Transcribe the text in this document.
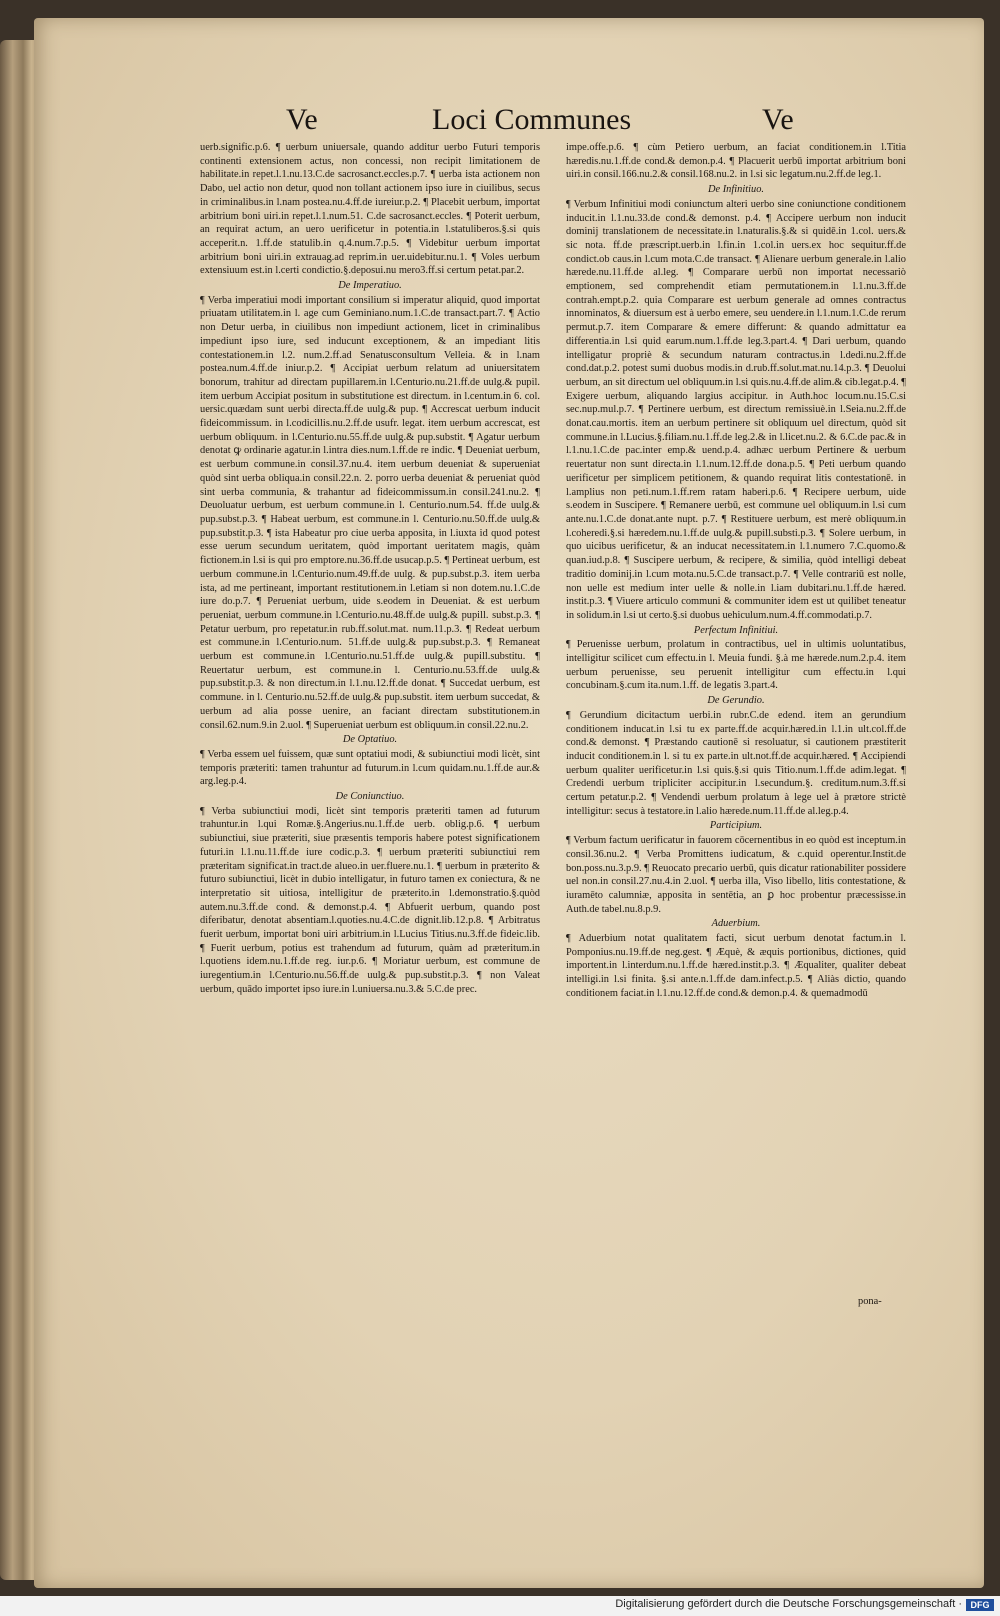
Ve	Loci Communes	Ve

uerb.signific.p.6. ¶ uerbum uniuersale, quando additur uerbo Futuri temporis continenti extensionem actus, non concessi, non recipit limitationem de habilitate.in repet.l.1.nu.13.C.de sacrosanct.eccles.p.7. ¶ uerba ista actionem non Dabo, uel actio non detur, quod non tollant actionem ipso iure in ciuilibus, secus in criminalibus.in l.nam postea.nu.4.ff.de iureiur.p.2. ¶ Placebit uerbum, importat arbitrium boni uiri.in repet.l.1.num.51. C.de sacrosanct.eccles. ¶ Poterit uerbum, an requirat actum, an uero uerificetur in potentia.in l.statuliberos.§.si quis acceperit.n. 1.ff.de statulib.in q.4.num.7.p.5. ¶ Videbitur uerbum importat arbitrium boni uiri.in extrauag.ad reprim.in uer.uidebitur.nu.1. ¶ Voles uerbum extensiuum est.in l.certi condictio.§.deposui.nu mero3.ff.si certum petat.par.2.

De Imperatiuo.

¶ Verba imperatiui modi important consilium si imperatur aliquid, quod importat priuatam utilitatem.in l. age cum Geminiano.num.1.C.de transact.part.7. ¶ Actio non Detur uerba, in ciuilibus non impediunt actionem, licet in criminalibus impediunt ipso iure, sed inducunt exceptionem, & an impediant litis contestationem.in l.2. num.2.ff.ad Senatusconsultum Velleia. & in l.nam postea.num.4.ff.de iniur.p.2. ¶ Accipiat uerbum relatum ad uniuersitatem bonorum, trahitur ad directam pupillarem.in l.Centurio.nu.21.ff.de uulg.& pupil. item uerbum Accipiat positum in substitutione est directum. in l.centum.in 6. col. uersic.quædam sunt uerbi directa.ff.de uulg.& pup. ¶ Accrescat uerbum inducit fideicommissum. in l.codicillis.nu.2.ff.de usufr. legat. item uerbum accrescat, est uerbum obliquum. in l.Centurio.nu.55.ff.de uulg.& pup.substit. ¶ Agatur uerbum denotat ꝙ ordinarie agatur.in l.intra dies.num.1.ff.de re indic. ¶ Deueniat uerbum, est uerbum commune.in consil.37.nu.4. item uerbum deueniat & superueniat quòd sint uerba obliqua.in consil.22.n. 2. porro uerba deueniat & perueniat quòd sint uerba communia, & trahantur ad fideicommissum.in consil.241.nu.2. ¶ Deuoluatur uerbum, est uerbum commune.in l. Centurio.num.54. ff.de uulg.& pup.subst.p.3. ¶ Habeat uerbum, est commune.in l. Centurio.nu.50.ff.de uulg.& pup.substit.p.3. ¶ ista Habeatur pro ciue uerba apposita, in l.iuxta id quod potest esse uerum secundum ueritatem, quòd important ueritatem magis, quàm fictionem.in l.si is qui pro emptore.nu.36.ff.de usucap.p.5. ¶ Pertineat uerbum, est uerbum commune.in l.Centurio.num.49.ff.de uulg. & pup.subst.p.3. item uerba ista, ad me pertineant, important restitutionem.in l.etiam si non dotem.nu.1.C.de iure do.p.7. ¶ Perueniat uerbum, uide s.eodem in Deueniat. & est uerbum perueniat, uerbum commune.in l.Centurio.nu.48.ff.de uulg.& pupill. subst.p.3. ¶ Petatur uerbum, pro repetatur.in rub.ff.solut.mat. num.11.p.3. ¶ Redeat uerbum est commune.in l.Centurio.num. 51.ff.de uulg.& pup.subst.p.3. ¶ Remaneat uerbum est commune.in l.Centurio.nu.51.ff.de uulg.& pupill.substitu. ¶ Reuertatur uerbum, est commune.in l. Centurio.nu.53.ff.de uulg.& pup.substit.p.3. & non directum.in l.1.nu.12.ff.de donat. ¶ Succedat uerbum, est commune. in l. Centurio.nu.52.ff.de uulg.& pup.substit. item uerbum succedat, & uerbum ad alia posse uenire, an faciant directam substitutionem.in consil.62.num.9.in 2.uol. ¶ Superueniat uerbum est obliquum.in consil.22.nu.2.

De Optatiuo.

¶ Verba essem uel fuissem, quæ sunt optatiui modi, & subiunctiui modi licèt, sint temporis præteriti: tamen trahuntur ad futurum.in l.cum quidam.nu.1.ff.de aur.& arg.leg.p.4.

De Coniunctiuo.

¶ Verba subiunctiui modi, licèt sint temporis præteriti tamen ad futurum trahuntur.in l.qui Romæ.§.Angerius.nu.1.ff.de uerb. oblig.p.6. ¶ uerbum subiunctiui, siue præteriti, siue præsentis temporis habere potest significationem futuri.in l.1.nu.11.ff.de iure codic.p.3. ¶ uerbum præteriti subiunctiui rem præteritam significat.in tract.de alueo.in uer.fluere.nu.1. ¶ uerbum in præterito & futuro subiunctiui, licèt in dubio intelligatur, in futuro tamen ex coniectura, & ne interpretatio sit uitiosa, intelligitur de præterito.in l.demonstratio.§.quòd autem.nu.3.ff.de cond. & demonst.p.4. ¶ Abfuerit uerbum, quando post diferibatur, denotat absentiam.l.quoties.nu.4.C.de dignit.lib.12.p.8. ¶ Arbitratus fuerit uerbum, importat boni uiri arbitrium.in l.Lucius Titius.nu.3.ff.de fideic.lib. ¶ Fuerit uerbum, potius est trahendum ad futurum, quàm ad præteritum.in l.quotiens idem.nu.1.ff.de reg. iur.p.6. ¶ Moriatur uerbum, est commune de iuregentium.in l.Centurio.nu.56.ff.de uulg.& pup.substit.p.3. ¶ non Valeat uerbum, quādo importet ipso iure.in l.uniuersa.nu.3.& 5.C.de prec.

impe.offe.p.6. ¶ cùm Petiero uerbum, an faciat conditionem.in l.Titia hæredis.nu.1.ff.de cond.& demon.p.4. ¶ Placuerit uerbū importat arbitrium boni uiri.in consil.166.nu.2.& consil.168.nu.2. in l.si sic legatum.nu.2.ff.de leg.1.

De Infinitiuo.

¶ Verbum Infinitiui modi coniunctum alteri uerbo sine coniunctione conditionem inducit.in l.1.nu.33.de cond.& demonst. p.4. ¶ Accipere uerbum non inducit dominij translationem de necessitate.in l.naturalis.§.& si quidē.in 1.col. uers.& sic nota. ff.de præscript.uerb.in l.fin.in 1.col.in uers.ex hoc sequitur.ff.de condict.ob caus.in l.cum mota.C.de transact. ¶ Alienare uerbum generale.in l.alio hærede.nu.11.ff.de al.leg. ¶ Comparare uerbū non importat necessariò emptionem, sed comprehendit etiam permutationem.in l.1.nu.3.ff.de contrah.empt.p.2. quia Comparare est uerbum generale ad omnes contractus innominatos, & diuersum est à uerbo emere, seu uendere.in l.1.num.1.C.de rerum permut.p.7. item Comparare & emere differunt: & quando admittatur ea differentia.in l.si quid earum.num.1.ff.de leg.3.part.4. ¶ Dari uerbum, quando intelligatur propriè & secundum naturam contractus.in l.dedi.nu.2.ff.de cond.dat.p.2. potest sumi duobus modis.in d.rub.ff.solut.mat.nu.14.p.3. ¶ Deuolui uerbum, an sit directum uel obliquum.in l.si quis.nu.4.ff.de alim.& cib.legat.p.4. ¶ Exigere uerbum, aliquando largius accipitur. in Auth.hoc locum.nu.15.C.si sec.nup.mul.p.7. ¶ Pertinere uerbum, est directum remissiuè.in l.Seia.nu.2.ff.de donat.cau.mortis. item an uerbum pertinere sit obliquum uel directum, quòd sit commune.in l.Lucius.§.filiam.nu.1.ff.de leg.2.& in l.licet.nu.2. & 6.C.de pac.& in l.1.nu.1.C.de pac.inter emp.& uend.p.4. adhæc uerbum Pertinere & uerbum reuertatur non sunt directa.in l.1.num.12.ff.de dona.p.5. ¶ Peti uerbum quando uerificetur per simplicem petitionem, & quando requirat litis contestationē. in l.amplius non peti.num.1.ff.rem ratam haberi.p.6. ¶ Recipere uerbum, uide s.eodem in Suscipere. ¶ Remanere uerbū, est commune uel obliquum.in l.si cum ante.nu.1.C.de donat.ante nupt. p.7. ¶ Restituere uerbum, est merè obliquum.in l.coheredi.§.si hæredem.nu.1.ff.de uulg.& pupill.substi.p.3. ¶ Solere uerbum, in quo uicibus uerificetur, & an inducat necessitatem.in l.1.numero 7.C.quomo.& quan.iud.p.8. ¶ Suscipere uerbum, & recipere, & similia, quòd intelligi debeat traditio dominij.in l.cum mota.nu.5.C.de transact.p.7. ¶ Velle contrariū est nolle, non uelle est medium inter uelle & nolle.in l.iam dubitari.nu.1.ff.de hæred. instit.p.3. ¶ Viuere articulo communi & communiter idem est ut quilibet teneatur in solidum.in l.si ut certo.§.si duobus uehiculum.num.4.ff.commodati.p.7.

Perfectum Infinitiui.

¶ Peruenisse uerbum, prolatum in contractibus, uel in ultimis uoluntatibus, intelligitur scilicet cum effectu.in l. Meuia fundi. §.à me hærede.num.2.p.4. item uerbum peruenisse, seu peruenit intelligitur cum effectu.in l.qui concubinam.§.cum ita.num.1.ff. de legatis 3.part.4.

De Gerundio.

¶ Gerundium dicitactum uerbi.in rubr.C.de edend. item an gerundium conditionem inducat.in l.si tu ex parte.ff.de acquir.hæred.in l.1.in ult.col.ff.de cond.& demonst. ¶ Præstando cautionē si resoluatur, si cautionem præstiterit inducit conditionem.in l. si tu ex parte.in ult.not.ff.de acquir.hæred. ¶ Accipiendi uerbum qualiter uerificetur.in l.si quis.§.si quis Titio.num.1.ff.de adim.legat. ¶ Credendi uerbum tripliciter accipitur.in l.secundum.§. creditum.num.3.ff.si certum petatur.p.2. ¶ Vendendi uerbum prolatum à lege uel à prætore strictè intelligitur: secus à testatore.in l.alio hærede.num.11.ff.de al.leg.p.4.

Participium.

¶ Verbum factum uerificatur in fauorem cōcernentibus in eo quòd est inceptum.in consil.36.nu.2. ¶ Verba Promittens iudicatum, & c.quid operentur.Instit.de bon.poss.nu.3.p.9. ¶ Reuocato precario uerbū, quis dicatur rationabiliter possidere uel non.in consil.27.nu.4.in 2.uol. ¶ uerba illa, Viso libello, litis contestatione, & iuramēto calumniæ, apposita in sentētia, an ꝑ hoc probentur præcessisse.in Auth.de tabel.nu.8.p.9.

Aduerbium.

¶ Aduerbium notat qualitatem facti, sicut uerbum denotat factum.in l. Pomponius.nu.19.ff.de neg.gest. ¶ Æquè, & æquis portionibus, dictiones, quid importent.in l.interdum.nu.1.ff.de hæred.instit.p.3. ¶ Æqualiter, qualiter debeat intelligi.in l.si finita. §.si ante.n.1.ff.de dam.infect.p.5. ¶ Aliàs dictio, quando conditionem faciat.in l.1.nu.12.ff.de cond.& demon.p.4. & quemadmodū

pona-
Digitalisierung gefördert durch die Deutsche Forschungsgemeinschaft · DFG
